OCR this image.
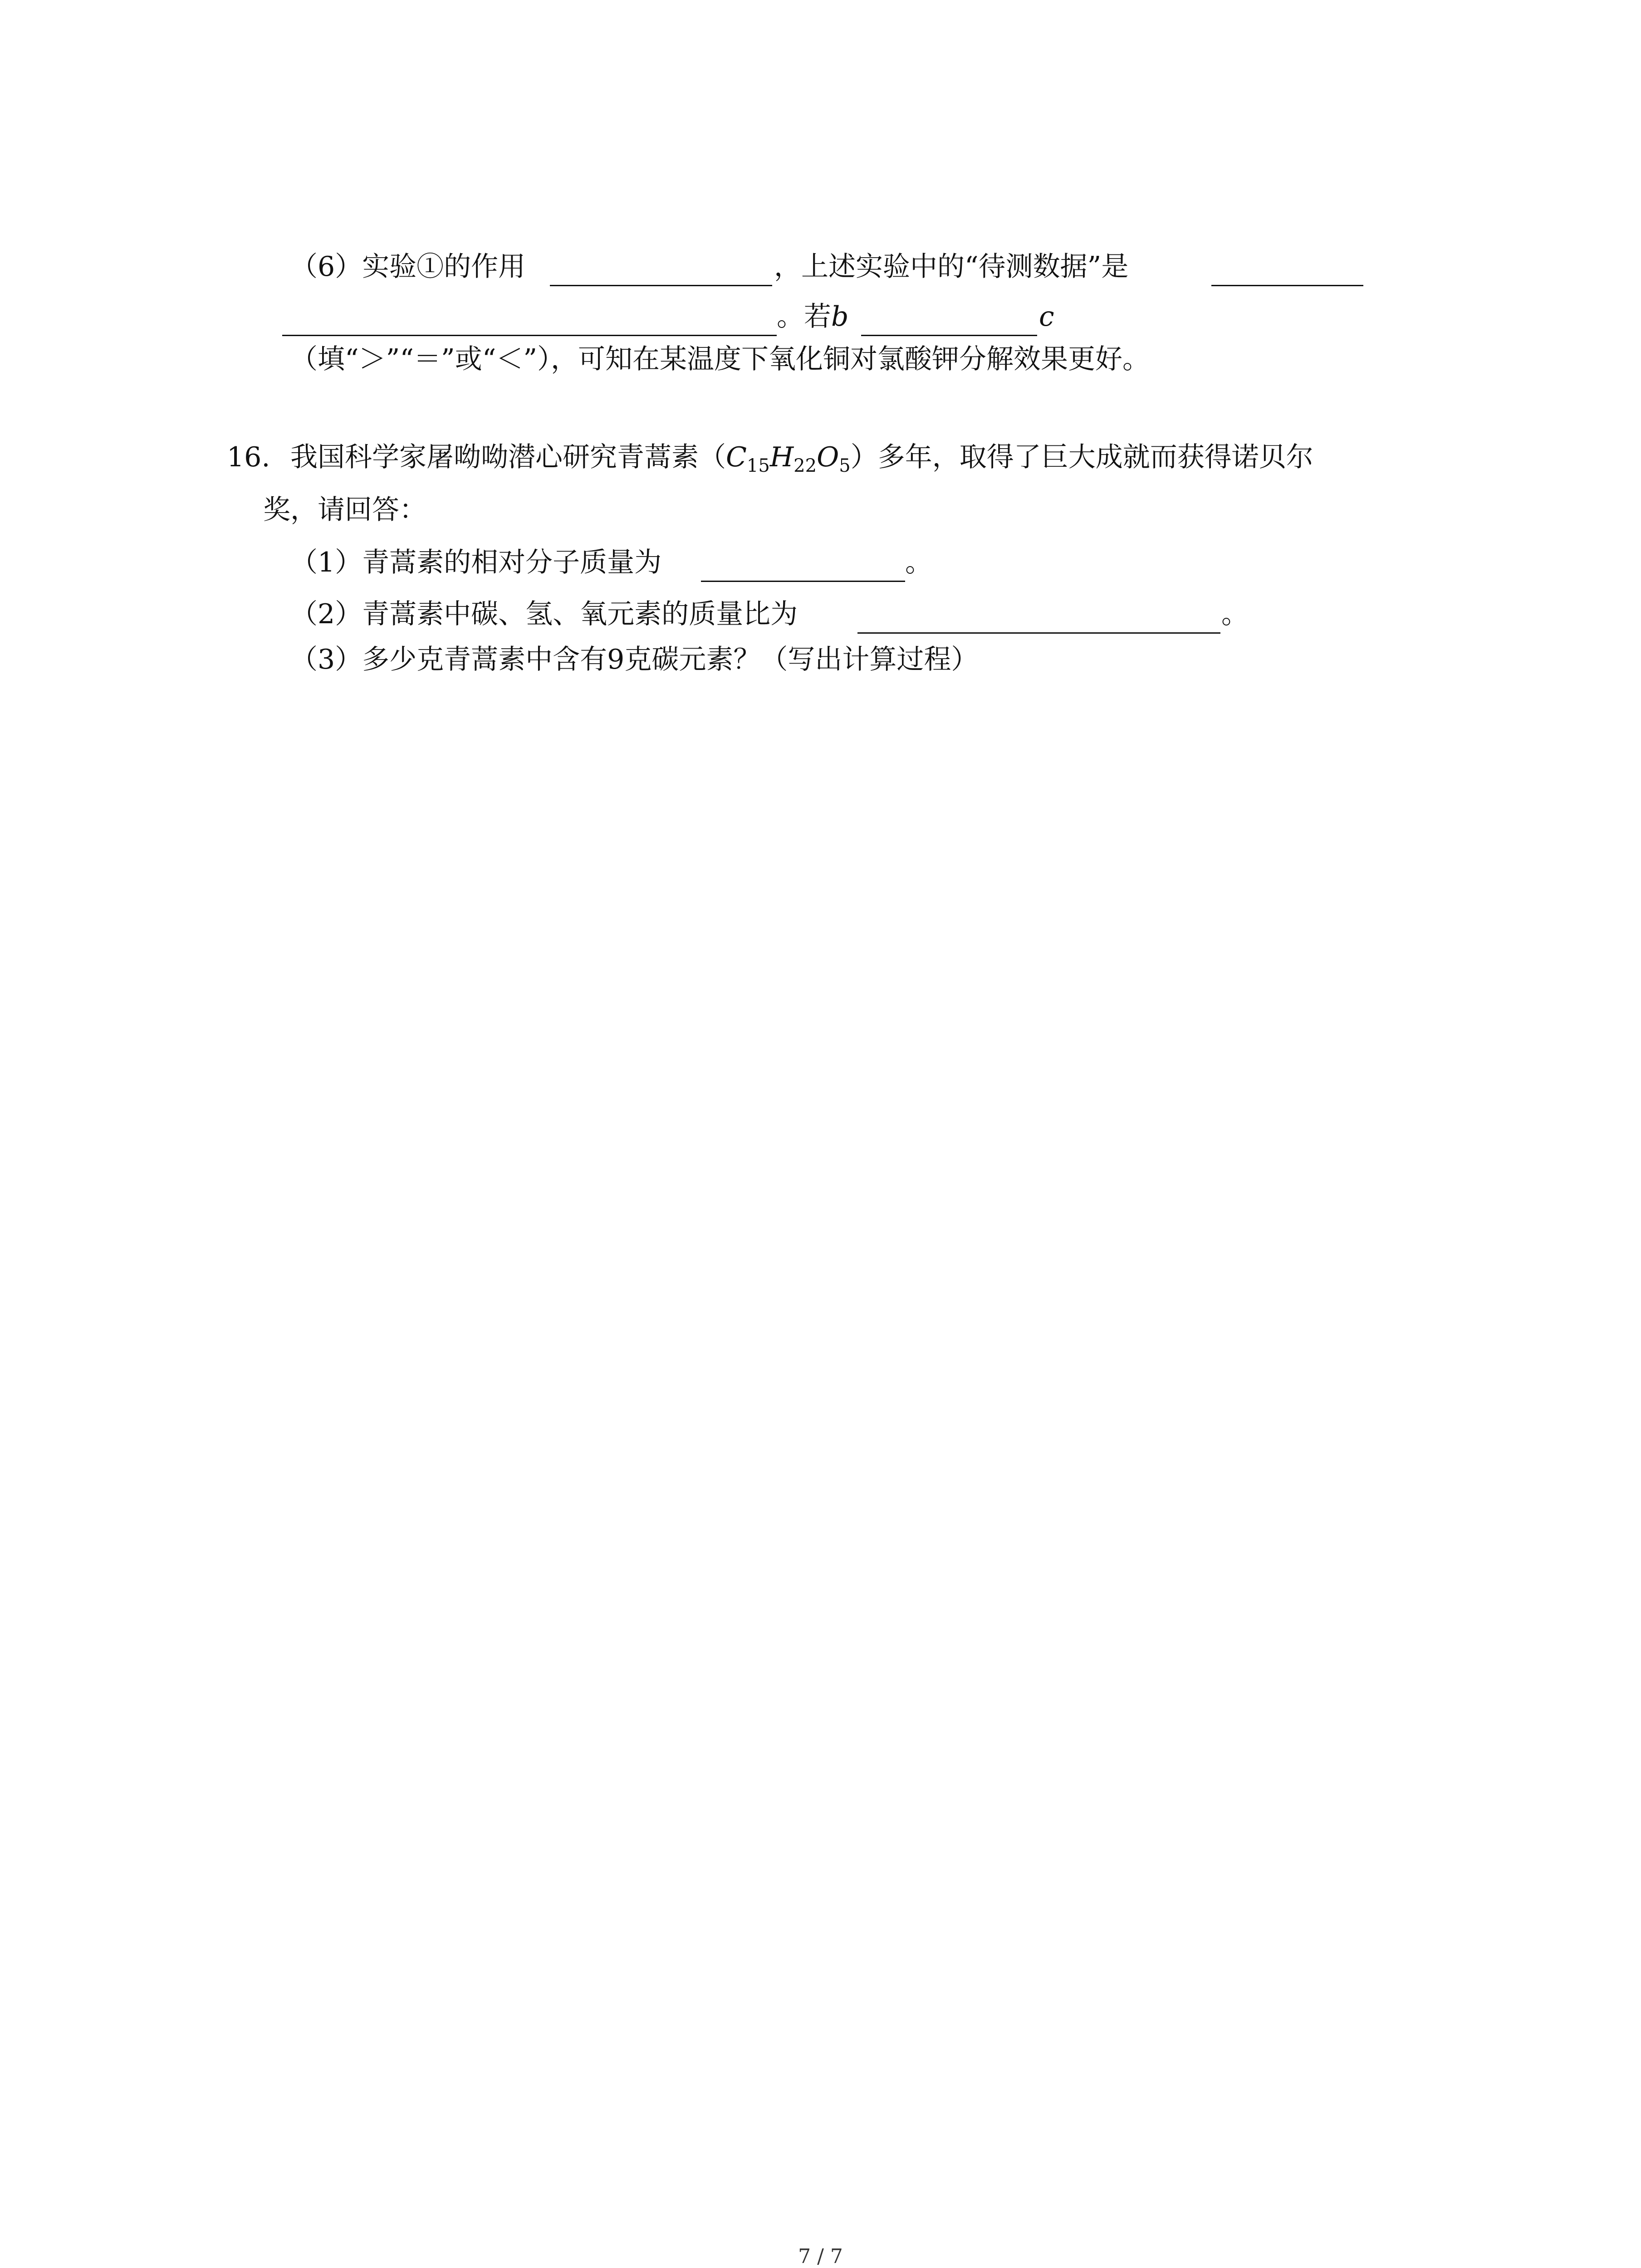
（6）实验①的作用	，上述实验中的“待测数据”是
。若b	c
（填“＞”“＝”或“＜”），可知在某温度下氧化铜对氯酸钾分解效果更好。
16. 我国科学家屠呦呦潜心研究青蒿素$(C_{15}H_{22}O_5)$多年，取得了巨大成就而获得诺贝尔
奖，请回答：
（1）青蒿素的相对分子质量为	。
（2）青蒿素中碳、氢、氧元素的质量比为	。
（3）多少克青蒿素中含有9克碳元素？（写出计算过程）
7 / 7
